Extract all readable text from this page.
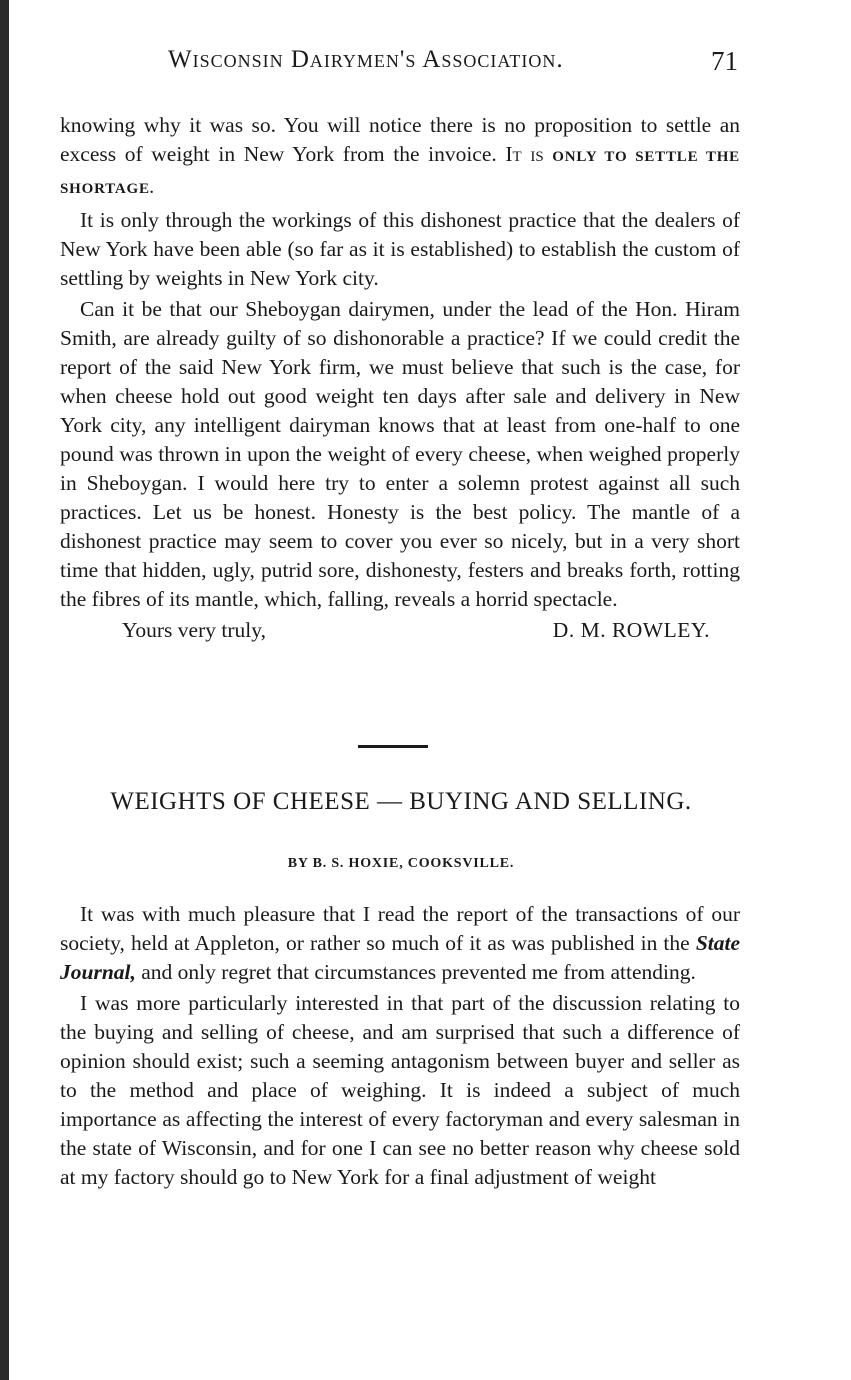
Wisconsin Dairymen's Association.	71

knowing why it was so. You will notice there is no proposition to settle an excess of weight in New York from the invoice. It is ONLY TO SETTLE THE SHORTAGE.

It is only through the workings of this dishonest practice that the dealers of New York have been able (so far as it is established) to establish the custom of settling by weights in New York city.

Can it be that our Sheboygan dairymen, under the lead of the Hon. Hiram Smith, are already guilty of so dishonorable a practice? If we could credit the report of the said New York firm, we must believe that such is the case, for when cheese hold out good weight ten days after sale and delivery in New York city, any intelligent dairyman knows that at least from one-half to one pound was thrown in upon the weight of every cheese, when weighed properly in Sheboygan. I would here try to enter a solemn protest against all such practices. Let us be honest. Honesty is the best policy. The mantle of a dishonest practice may seem to cover you ever so nicely, but in a very short time that hidden, ugly, putrid sore, dishonesty, festers and breaks forth, rotting the fibres of its mantle, which, falling, reveals a horrid spectacle.

Yours very truly,	D. M. ROWLEY.
WEIGHTS OF CHEESE — BUYING AND SELLING.
BY B. S. HOXIE, COOKSVILLE.

It was with much pleasure that I read the report of the transactions of our society, held at Appleton, or rather so much of it as was published in the State Journal, and only regret that circumstances prevented me from attending.

I was more particularly interested in that part of the discussion relating to the buying and selling of cheese, and am surprised that such a difference of opinion should exist; such a seeming antagonism between buyer and seller as to the method and place of weighing. It is indeed a subject of much importance as affecting the interest of every factoryman and every salesman in the state of Wisconsin, and for one I can see no better reason why cheese sold at my factory should go to New York for a final adjustment of weight
